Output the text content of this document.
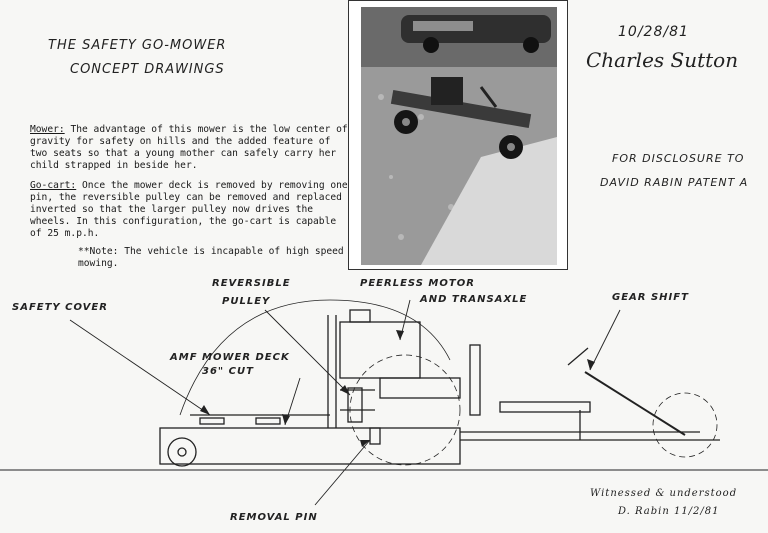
THE SAFETY GO-MOWER
CONCEPT DRAWINGS
Mower: The advantage of this mower is the low center of gravity for safety on hills and the added feature of two seats so that a young mother can safely carry her child strapped in beside her.
Go-cart: Once the mower deck is removed by removing one pin, the reversible pulley can be removed and replaced inverted so that the larger pulley now drives the wheels. In this configuration, the go-cart is capable of 25 m.p.h.
**Note: The vehicle is incapable of high speed mowing.
10/28/81
Charles Sutton
FOR DISCLOSURE TO
DAVID RABIN PATENT A
SAFETY COVER
REVERSIBLE
PULLEY
PEERLESS MOTOR
AND TRANSAXLE	GEAR SHIFT
AMF MOWER DECK
36" CUT
REMOVAL PIN
Witnessed & understood
D. Rabin 11/2/81
